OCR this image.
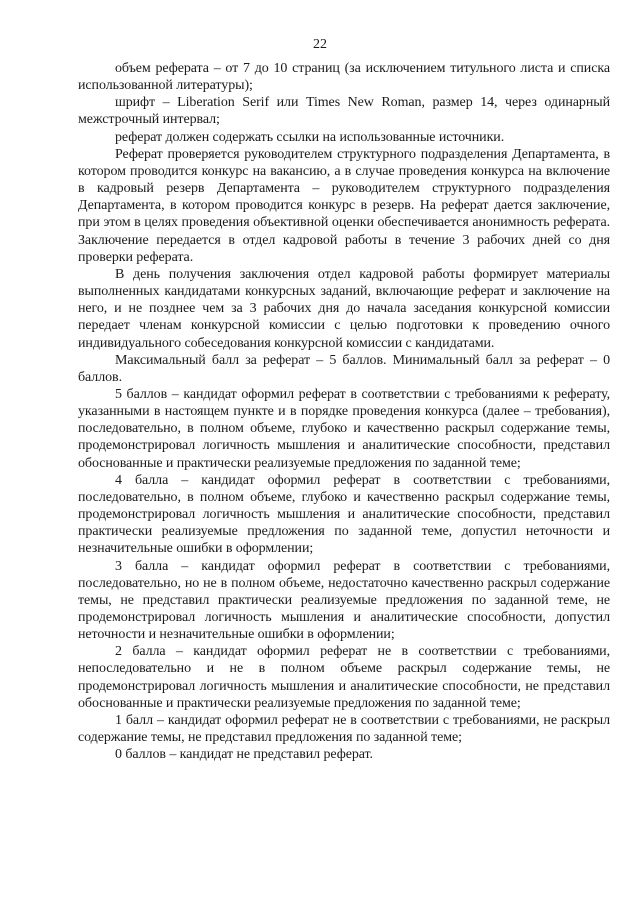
22

объем реферата – от 7 до 10 страниц (за исключением титульного листа и списка использованной литературы);

шрифт – Liberation Serif или Times New Roman, размер 14, через одинарный межстрочный интервал;

реферат должен содержать ссылки на использованные источники.

Реферат проверяется руководителем структурного подразделения Департамента, в котором проводится конкурс на вакансию, а в случае проведения конкурса на включение в кадровый резерв Департамента – руководителем структурного подразделения Департамента, в котором проводится конкурс в резерв. На реферат дается заключение, при этом в целях проведения объективной оценки обеспечивается анонимность реферата. Заключение передается в отдел кадровой работы в течение 3 рабочих дней со дня проверки реферата.

В день получения заключения отдел кадровой работы формирует материалы выполненных кандидатами конкурсных заданий, включающие реферат и заключение на него, и не позднее чем за 3 рабочих дня до начала заседания конкурсной комиссии передает членам конкурсной комиссии с целью подготовки к проведению очного индивидуального собеседования конкурсной комиссии с кандидатами.

Максимальный балл за реферат – 5 баллов. Минимальный балл за реферат – 0 баллов.

5 баллов – кандидат оформил реферат в соответствии с требованиями к реферату, указанными в настоящем пункте и в порядке проведения конкурса (далее – требования), последовательно, в полном объеме, глубоко и качественно раскрыл содержание темы, продемонстрировал логичность мышления и аналитические способности, представил обоснованные и практически реализуемые предложения по заданной теме;

4 балла – кандидат оформил реферат в соответствии с требованиями, последовательно, в полном объеме, глубоко и качественно раскрыл содержание темы, продемонстрировал логичность мышления и аналитические способности, представил практически реализуемые предложения по заданной теме, допустил неточности и незначительные ошибки в оформлении;

3 балла – кандидат оформил реферат в соответствии с требованиями, последовательно, но не в полном объеме, недостаточно качественно раскрыл содержание темы, не представил практически реализуемые предложения по заданной теме, не продемонстрировал логичность мышления и аналитические способности, допустил неточности и незначительные ошибки в оформлении;

2 балла – кандидат оформил реферат не в соответствии с требованиями, непоследовательно и не в полном объеме раскрыл содержание темы, не продемонстрировал логичность мышления и аналитические способности, не представил обоснованные и практически реализуемые предложения по заданной теме;

1 балл – кандидат оформил реферат не в соответствии с требованиями, не раскрыл содержание темы, не представил предложения по заданной теме;

0 баллов – кандидат не представил реферат.
